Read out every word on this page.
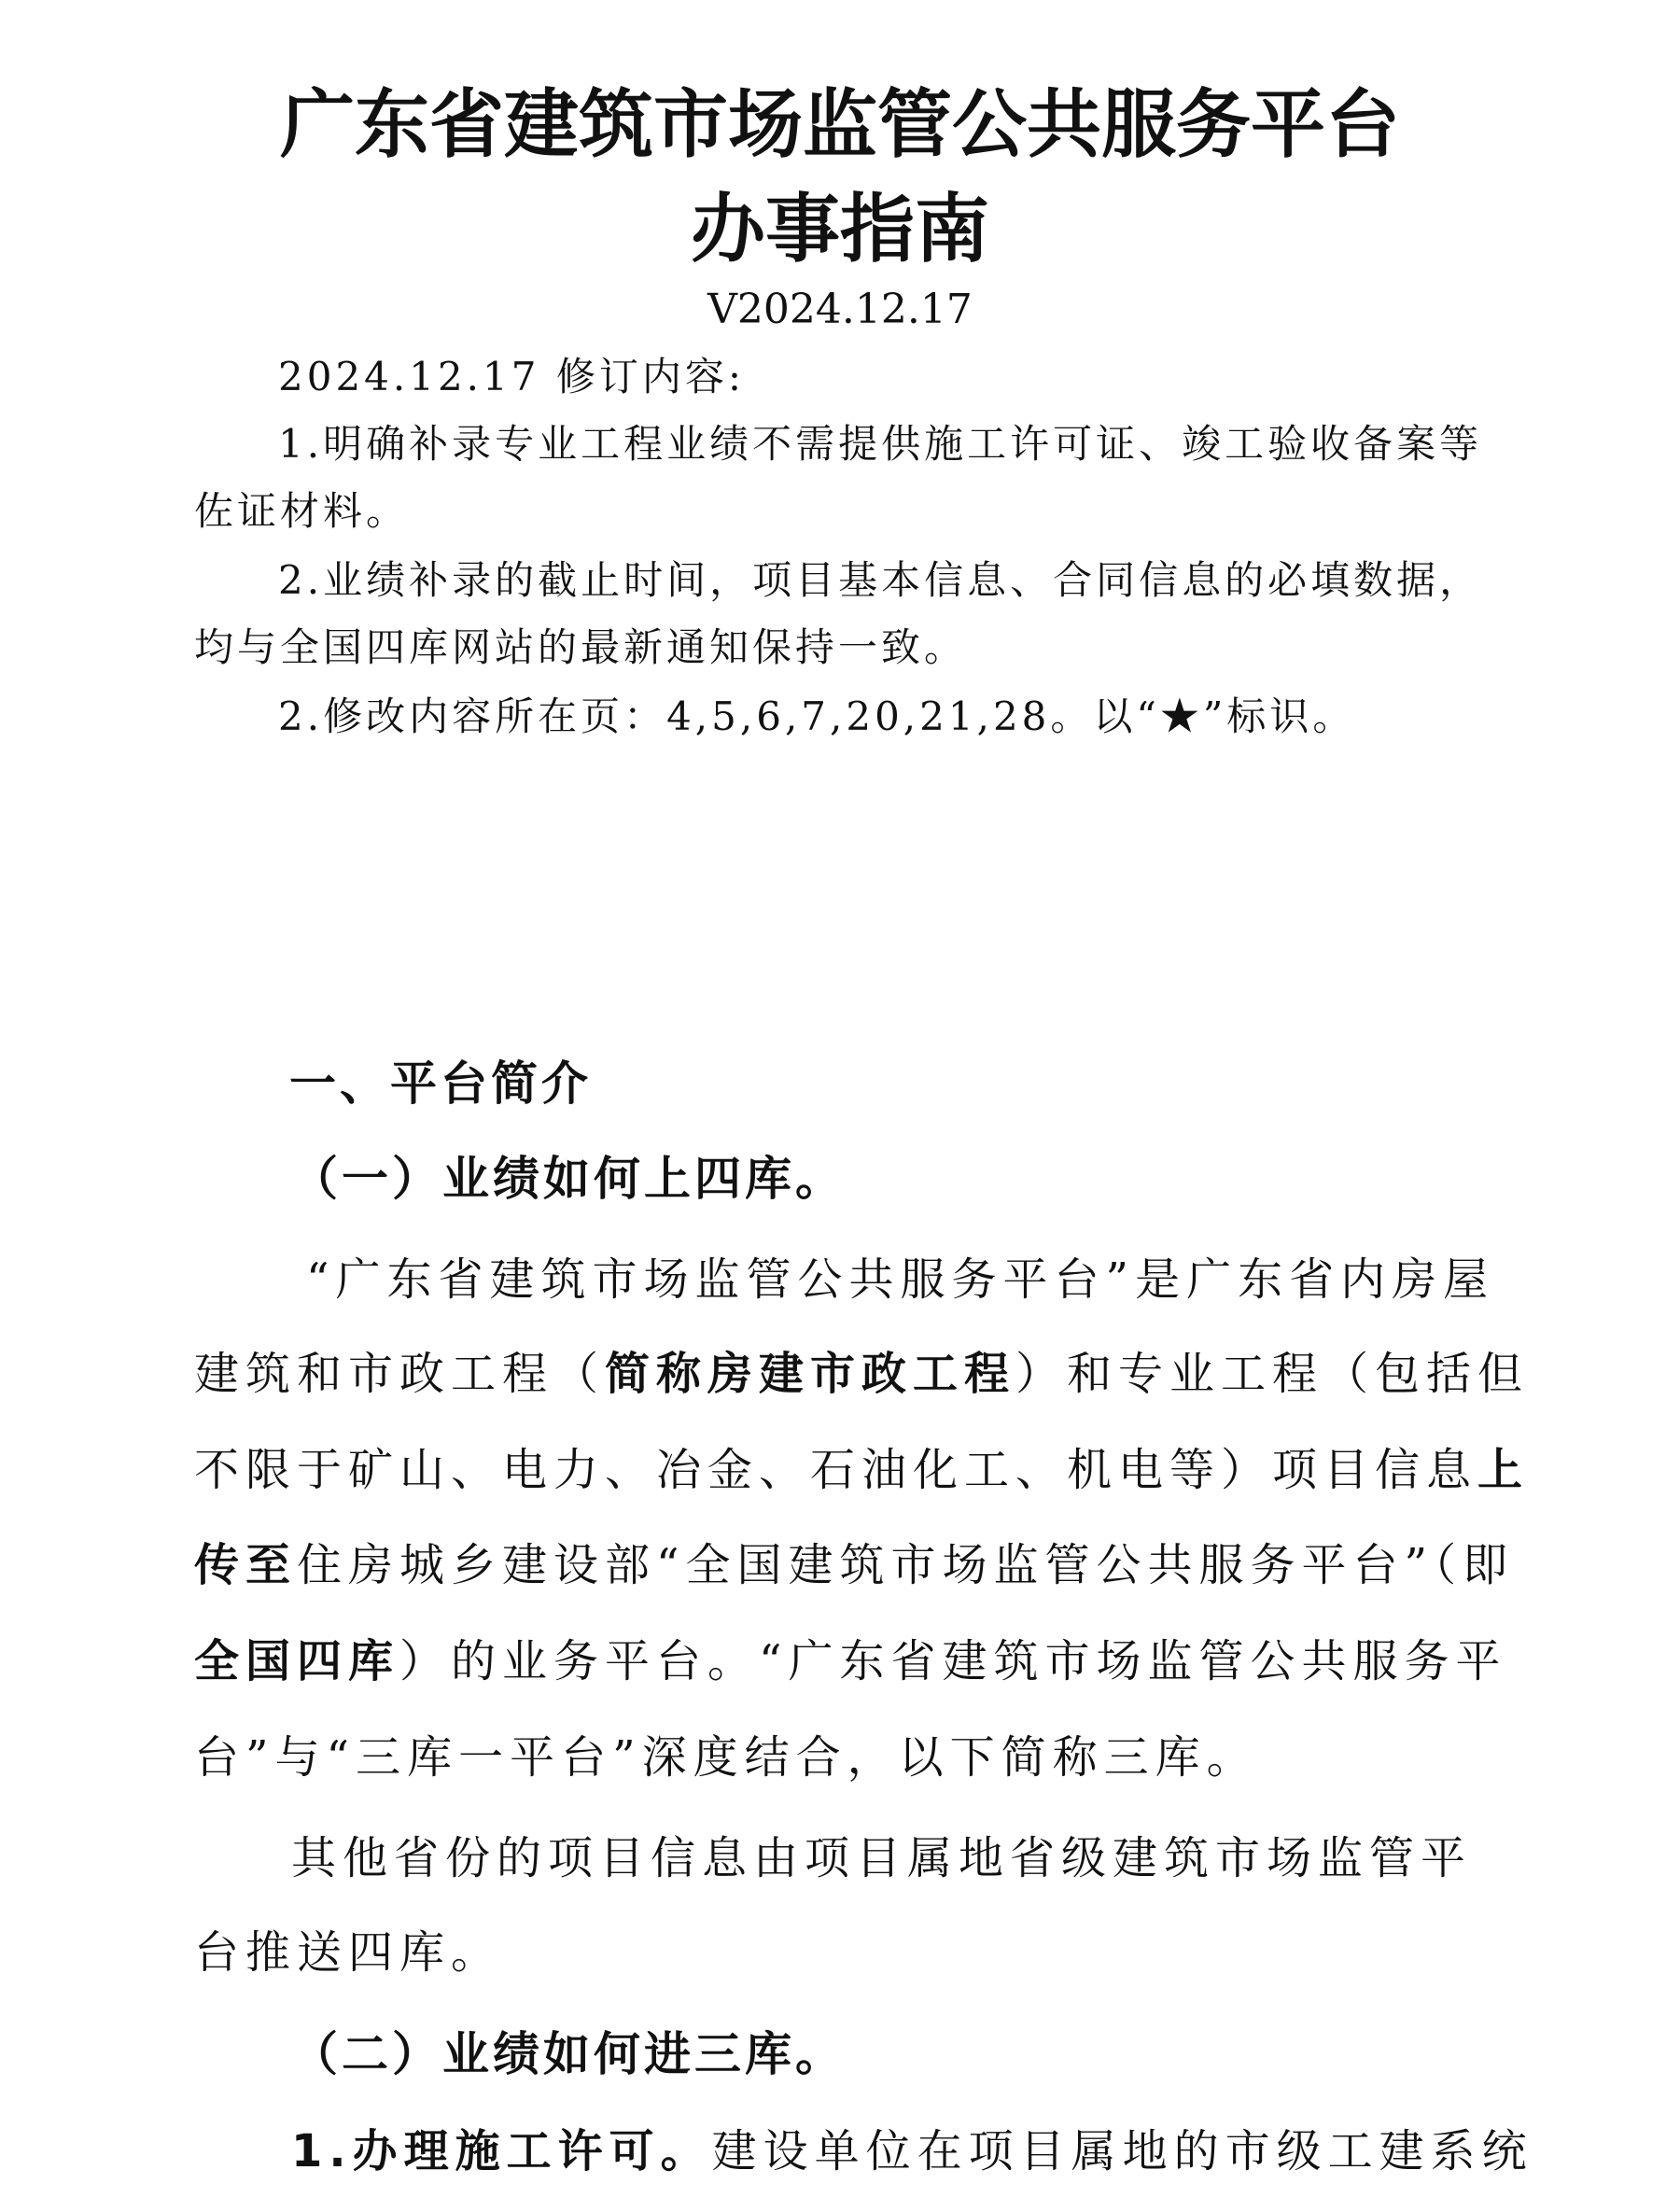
广东省建筑市场监管公共服务平台
办事指南

V2024.12.17

2024.12.17 修订内容:

1.明确补录专业工程业绩不需提供施工许可证、竣工验收备案等

佐证材料。

2.业绩补录的截止时间，项目基本信息、合同信息的必填数据，

均与全国四库网站的最新通知保持一致。

2.修改内容所在页：4,5,6,7,20,21,28。以“★”标识。

一、平台简介
（一）业绩如何上四库。

“广东省建筑市场监管公共服务平台”是广东省内房屋

建筑和市政工程（简称房建市政工程）和专业工程（包括但

不限于矿山、电力、冶金、石油化工、机电等）项目信息上

传至住房城乡建设部“全国建筑市场监管公共服务平台”（即

全国四库）的业务平台。“广东省建筑市场监管公共服务平

台”与“三库一平台”深度结合，以下简称三库。

其他省份的项目信息由项目属地省级建筑市场监管平

台推送四库。

（二）业绩如何进三库。

1.办理施工许可。建设单位在项目属地的市级工建系统
